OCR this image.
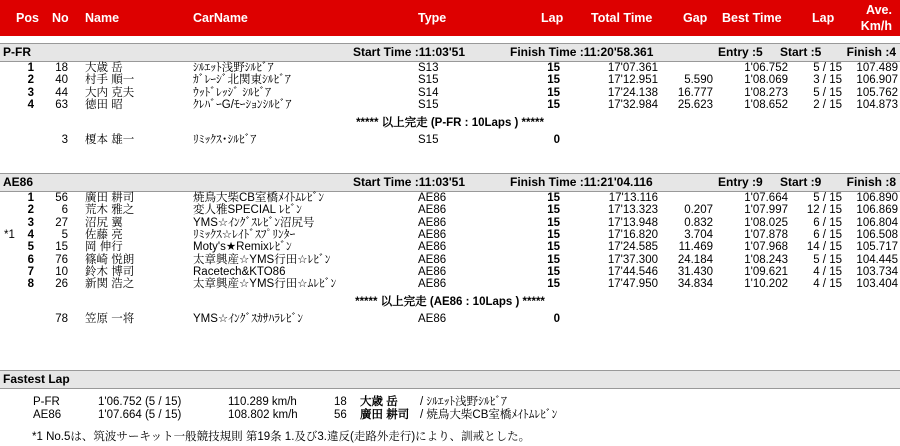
Pos No Name	CarName	Type	Lap Total Time Gap Best Time Lap
Ave.
Km/h
P-FR	Start Time :11:03'51	Finish Time :11:20'58.361	Entry :5 Start :5 Finish :4
1 18 大歳 岳	ｼﾙｴｯﾄ浅野ｼﾙﾋﾞｱ	S13	15	17'07.361	1'06.752 5 / 15 107.489
2 40 村手 順一	ｶﾞﾚｰｼﾞ北関東ｼﾙﾋﾞｱ	S15	15	17'12.951 5.590	1'08.069 3 / 15 106.907
3 44 大内 克夫	ｳｯﾄﾞﾚｯｼﾞ ｼﾙﾋﾞｱ	S14	15	17'24.138 16.777	1'08.273 5 / 15 105.762
4 63 徳田 昭	ｸﾚﾊﾞｰG/ﾓｰｼｮﾝｼﾙﾋﾞｱ	S15	15	17'32.984 25.623	1'08.652 2 / 15 104.873
***** 以上完走 (P-FR : 10Laps ) *****
3 榎本 雄一	ﾘﾐｯｸｽ･ｼﾙﾋﾞｱ	S15	0
AE86	Start Time :11:03'51	Finish Time :11:21'04.116	Entry :9 Start :9 Finish :8
1 56 廣田 耕司	焼鳥大柴CB室橋ﾒｲﾄﾑﾚﾋﾞﾝ	AE86	15	17'13.116	1'07.664 5 / 15 106.890
2 6 荒木 雅之	変人雅SPECIAL ﾚﾋﾞﾝ	AE86	15	17'13.323 0.207	1'07.997 12 / 15 106.869
3 27 沼尻 翼	YMS☆ｲﾝｸﾞｽﾚﾋﾞﾝ沼尻号	AE86	15	17'13.948 0.832	1'08.025 6 / 15 106.804
*1 4 5 佐藤 亮	ﾘﾐｯｸｽ☆ﾚｲﾄﾞｽﾌﾟﾘﾝﾀｰ	AE86	15	17'16.820 3.704	1'07.878 6 / 15 106.508
5 15 岡 伸行	Moty's★Remixﾚﾋﾞﾝ	AE86	15	17'24.585 11.469	1'07.968 14 / 15 105.717
6 76 篠崎 悦朗	太章興産☆YMS行田☆ﾚﾋﾞﾝ	AE86	15	17'37.300 24.184	1'08.243 5 / 15 104.445
7 10 鈴木 博司	Racetech&KTO86	AE86	15	17'44.546 31.430	1'09.621 4 / 15 103.734
8 26 新関 浩之	太章興産☆YMS行田☆ﾑﾚﾋﾞﾝ	AE86	15	17'47.950 34.834	1'10.202 4 / 15 103.404
***** 以上完走 (AE86 : 10Laps ) *****
78 笠原 一将	YMS☆ｲﾝｸﾞｽｶｻﾊﾗﾚﾋﾞﾝ	AE86	0
Fastest Lap
P-FR	1'06.752 (5 / 15)	110.289 km/h	18 大歳 岳 / ｼﾙｴｯﾄ浅野ｼﾙﾋﾞｱ
AE86	1'07.664 (5 / 15)	108.802 km/h	56 廣田 耕司 / 焼鳥大柴CB室橋ﾒｲﾄﾑﾚﾋﾞﾝ
*1 No.5は、筑波サーキット一般競技規則 第19条 1.及び3.違反(走路外走行)により、訓戒とした。
